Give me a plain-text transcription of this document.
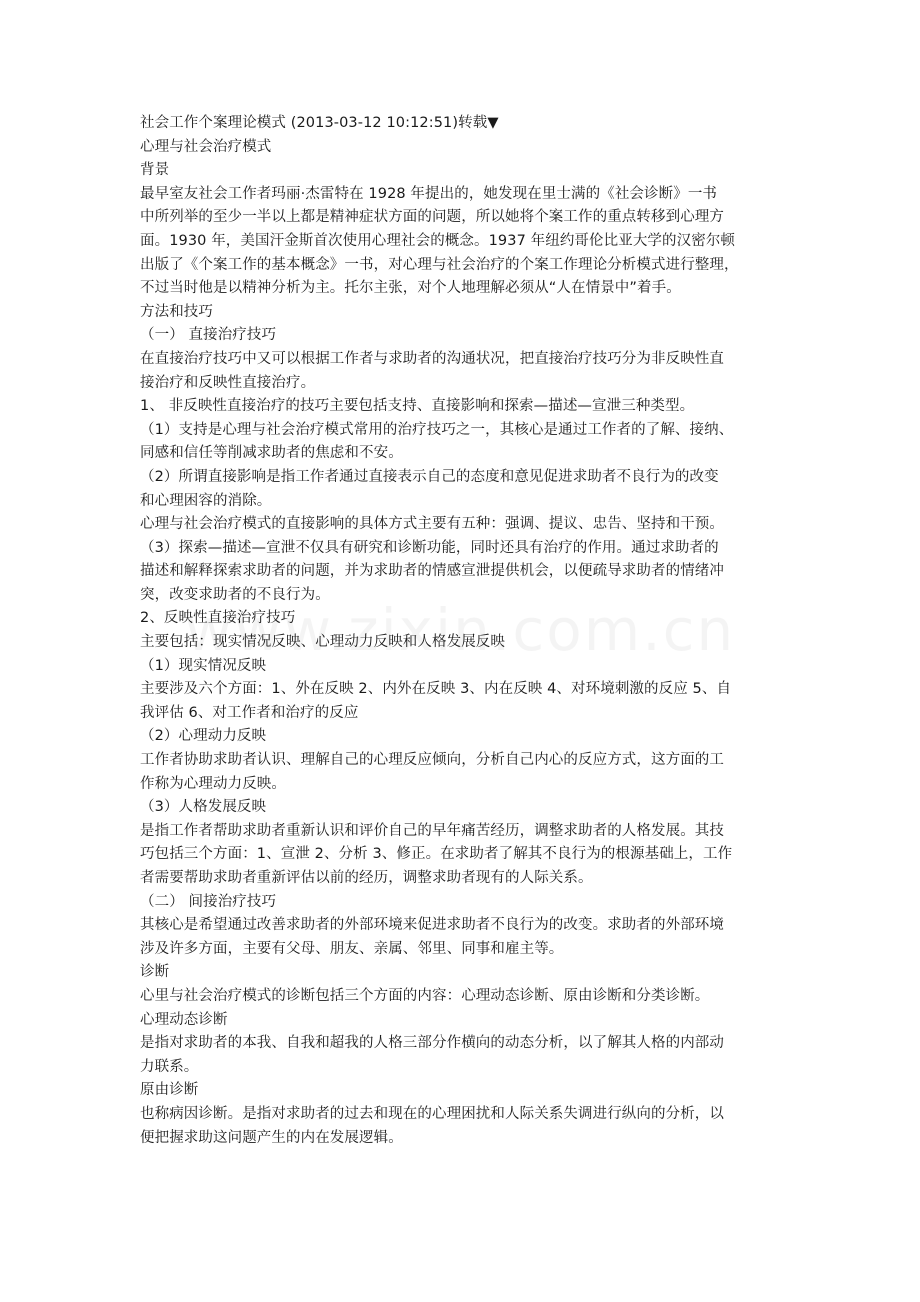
社会工作个案理论模式 (2013-03-12 10:12:51)转载▼
心理与社会治疗模式
背景
最早室友社会工作者玛丽·杰雷特在 1928 年提出的，她发现在里士满的《社会诊断》一书
中所列举的至少一半以上都是精神症状方面的问题，所以她将个案工作的重点转移到心理方
面。1930 年，美国汗金斯首次使用心理社会的概念。1937 年纽约哥伦比亚大学的汉密尔顿
出版了《个案工作的基本概念》一书，对心理与社会治疗的个案工作理论分析模式进行整理，
不过当时他是以精神分析为主。托尔主张，对个人地理解必须从“人在情景中”着手。
方法和技巧
（一） 直接治疗技巧
在直接治疗技巧中又可以根据工作者与求助者的沟通状况，把直接治疗技巧分为非反映性直
接治疗和反映性直接治疗。
1、 非反映性直接治疗的技巧主要包括支持、直接影响和探索—描述—宣泄三种类型。
（1）支持是心理与社会治疗模式常用的治疗技巧之一，其核心是通过工作者的了解、接纳、
同感和信任等削减求助者的焦虑和不安。
（2）所谓直接影响是指工作者通过直接表示自己的态度和意见促进求助者不良行为的改变
和心理困容的消除。
心理与社会治疗模式的直接影响的具体方式主要有五种：强调、提议、忠告、坚持和干预。
（3）探索—描述—宣泄不仅具有研究和诊断功能，同时还具有治疗的作用。通过求助者的
描述和解释探索求助者的问题，并为求助者的情感宣泄提供机会，以便疏导求助者的情绪冲
突，改变求助者的不良行为。
2、反映性直接治疗技巧
主要包括：现实情况反映、心理动力反映和人格发展反映
（1）现实情况反映
主要涉及六个方面：1、外在反映 2、内外在反映 3、内在反映 4、对环境刺激的反应 5、自
我评估 6、对工作者和治疗的反应
（2）心理动力反映
工作者协助求助者认识、理解自己的心理反应倾向，分析自己内心的反应方式，这方面的工
作称为心理动力反映。
（3）人格发展反映
是指工作者帮助求助者重新认识和评价自己的早年痛苦经历，调整求助者的人格发展。其技
巧包括三个方面：1、宣泄 2、分析 3、修正。在求助者了解其不良行为的根源基础上，工作
者需要帮助求助者重新评估以前的经历，调整求助者现有的人际关系。
（二） 间接治疗技巧
其核心是希望通过改善求助者的外部环境来促进求助者不良行为的改变。求助者的外部环境
涉及许多方面，主要有父母、朋友、亲属、邻里、同事和雇主等。
诊断
心里与社会治疗模式的诊断包括三个方面的内容：心理动态诊断、原由诊断和分类诊断。
心理动态诊断
是指对求助者的本我、自我和超我的人格三部分作横向的动态分析，以了解其人格的内部动
力联系。
原由诊断
也称病因诊断。是指对求助者的过去和现在的心理困扰和人际关系失调进行纵向的分析，以
便把握求助这问题产生的内在发展逻辑。
